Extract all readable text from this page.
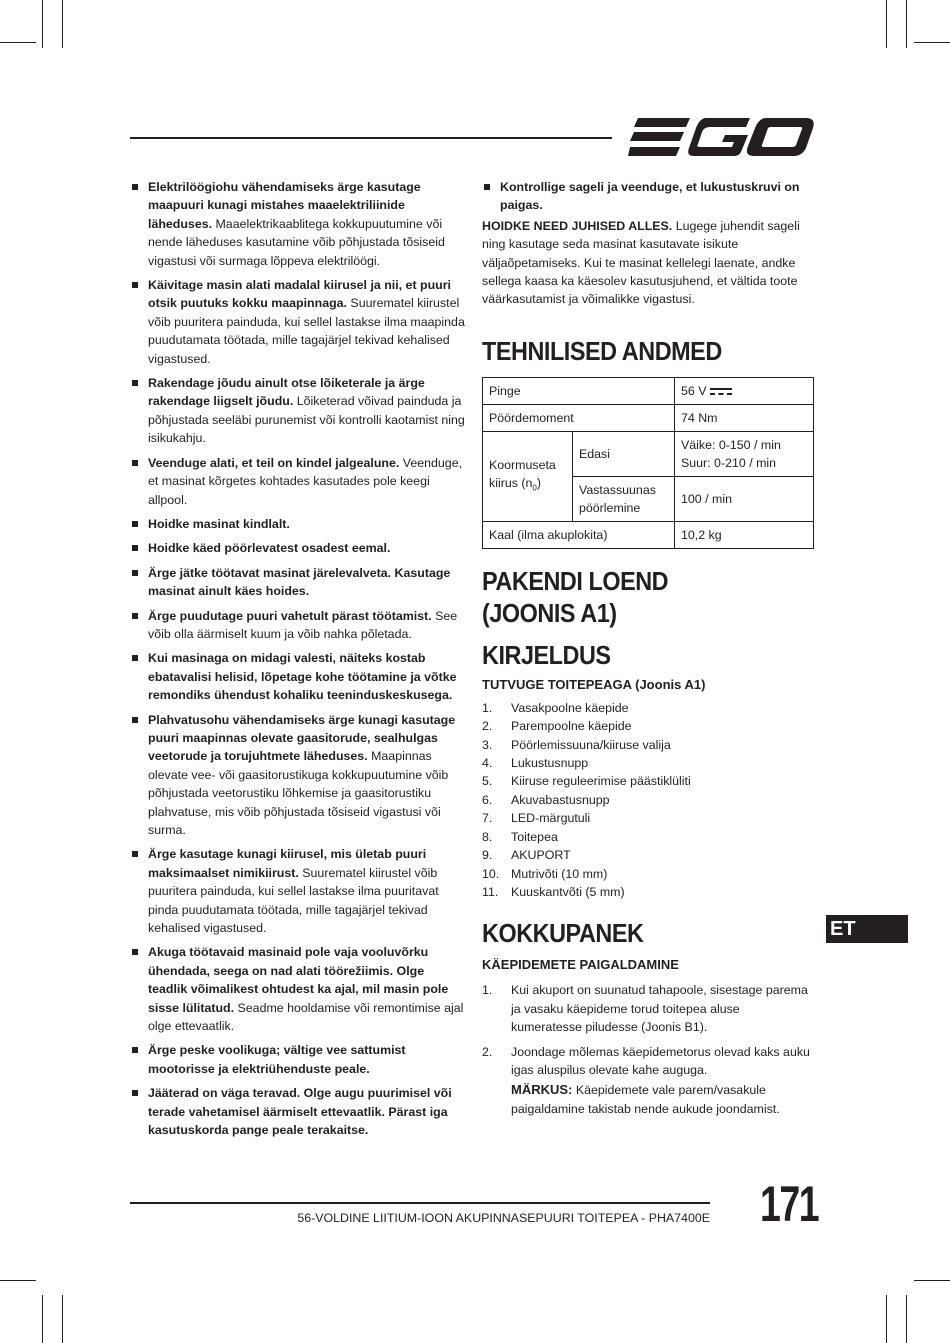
Elektrilöögiohu vähendamiseks ärge kasutage maapuuri kunagi mistahes maaelektriliinide läheduses. Maaelektrikaablitega kokkupuutumine või nende läheduses kasutamine võib põhjustada tõsiseid vigastusi või surmaga lõppeva elektrilöögi.
Käivitage masin alati madalal kiirusel ja nii, et puuri otsik puutuks kokku maapinnaga. Suurematel kiirustel võib puuritera painduda, kui sellel lastakse ilma maapinda puudutamata töötada, mille tagajärjel tekivad kehalised vigastused.
Rakendage jõudu ainult otse lõiketerale ja ärge rakendage liigselt jõudu. Lõiketerad võivad painduda ja põhjustada seeläbi purunemist või kontrolli kaotamist ning isikukahju.
Veenduge alati, et teil on kindel jalgealune. Veenduge, et masinat kõrgetes kohtades kasutades pole keegi allpool.
Hoidke masinat kindlalt.
Hoidke käed pöörlevatest osadest eemal.
Ärge jätke töötavat masinat järelevalveta. Kasutage masinat ainult käes hoides.
Ärge puudutage puuri vahetult pärast töötamist. See võib olla äärmiselt kuum ja võib nahka põletada.
Kui masinaga on midagi valesti, näiteks kostab ebatavalisi helisid, lõpetage kohe töötamine ja võtke remondiks ühendust kohaliku teeninduskeskusega.
Plahvatusohu vähendamiseks ärge kunagi kasutage puuri maapinnas olevate gaasitorude, sealhulgas veetorude ja torujuhtmete läheduses. Maapinnas olevate vee- või gaasitorustikuga kokkupuutumine võib põhjustada veetorustiku lõhkemise ja gaasitorustiku plahvatuse, mis võib põhjustada tõsiseid vigastusi või surma.
Ärge kasutage kunagi kiirusel, mis ületab puuri maksimaalset nimikiirust. Suurematel kiirustel võib puuritera painduda, kui sellel lastakse ilma puuritavat pinda puudutamata töötada, mille tagajärjel tekivad kehalised vigastused.
Akuga töötavaid masinaid pole vaja vooluvõrku ühendada, seega on nad alati töörežiimis. Olge teadlik võimalikest ohtudest ka ajal, mil masin pole sisse lülitatud. Seadme hooldamise või remontimise ajal olge ettevaatlik.
Ärge peske voolikuga; vältige vee sattumist mootorisse ja elektriühenduste peale.
Jääterad on väga teravad. Olge augu puurimisel või terade vahetamisel äärmiselt ettevaatlik. Pärast iga kasutuskorda pange peale terakaitse.
Kontrollige sageli ja veenduge, et lukustuskruvi on paigas.
HOIDKE NEED JUHISED ALLES. Lugege juhendit sageli ning kasutage seda masinat kasutavate isikute väljaõpetamiseks. Kui te masinat kellelegi laenate, andke sellega kaasa ka käesolev kasutusjuhend, et vältida toote väärkasutamist ja võimalikke vigastusi.
TEHNILISED ANDMED
Pinge		56 V
Pöördemoment		74 Nm
Koormuseta kiirus $(n_0)$	Edasi	Väike: 0-150 / min
Suur: 0-210 / min

	Vastassuunas pöörlemine	100 / min
Kaal (ilma akuplokita)		10,2 kg
PAKENDI LOEND
(JOONIS A1)
KIRJELDUS
TUTVUGE TOITEPEAGA (Joonis A1)
1. Vasakpoolne käepide
2. Parempoolne käepide
3. Pöörlemissuuna/kiiruse valija
4. Lukustusnupp
5. Kiiruse reguleerimise päästiklüliti
6. Akuvabastusnupp
7. LED-märgutuli
8. Toitepea
9. AKUPORT
10. Mutrivõti (10 mm)
11. Kuuskantvõti (5 mm)
KOKKUPANEK
KÄEPIDEMETE PAIGALDAMINE
1. Kui akuport on suunatud tahapoole, sisestage parema ja vasaku käepideme torud toitepea aluse kumeratesse piludesse (Joonis B1).
2. Joondage mõlemas käepidemetorus olevad kaks auku igas aluspilus olevate kahe auguga.
MÄRKUS: Käepidemete vale parem/vasakule paigaldamine takistab nende aukude joondamist.
ET
56-VOLDINE LIITIUM-IOON AKUPINNASEPUURI TOITEPEA - PHA7400E 171
